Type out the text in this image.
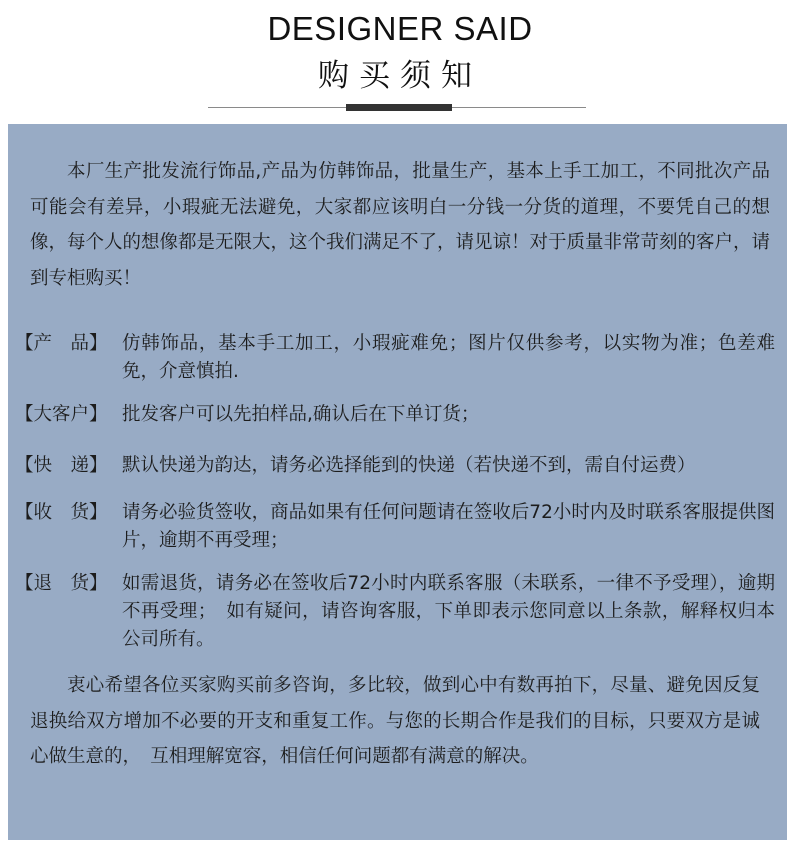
DESIGNER SAID
购买须知
本厂生产批发流行饰品,产品为仿韩饰品，批量生产，基本上手工加工，不同批次产品可能会有差异，小瑕疵无法避免，大家都应该明白一分钱一分货的道理，不要凭自己的想像，每个人的想像都是无限大，这个我们满足不了，请见谅！对于质量非常苛刻的客户，请到专柜购买！
【产　品】 仿韩饰品，基本手工加工，小瑕疵难免；图片仅供参考，以实物为准；色差难免，介意慎拍.
【大客户】 批发客户可以先拍样品,确认后在下单订货；
【快　递】 默认快递为韵达，请务必选择能到的快递（若快递不到，需自付运费）
【收　货】 请务必验货签收，商品如果有任何问题请在签收后72小时内及时联系客服提供图片，逾期不再受理；
【退　货】 如需退货，请务必在签收后72小时内联系客服（未联系，一律不予受理），逾期不再受理；　如有疑问，请咨询客服，下单即表示您同意以上条款，解释权归本公司所有。
衷心希望各位买家购买前多咨询，多比较，做到心中有数再拍下，尽量、避免因反复退换给双方增加不必要的开支和重复工作。与您的长期合作是我们的目标，只要双方是诚心做生意的，　互相理解宽容，相信任何问题都有满意的解决。
